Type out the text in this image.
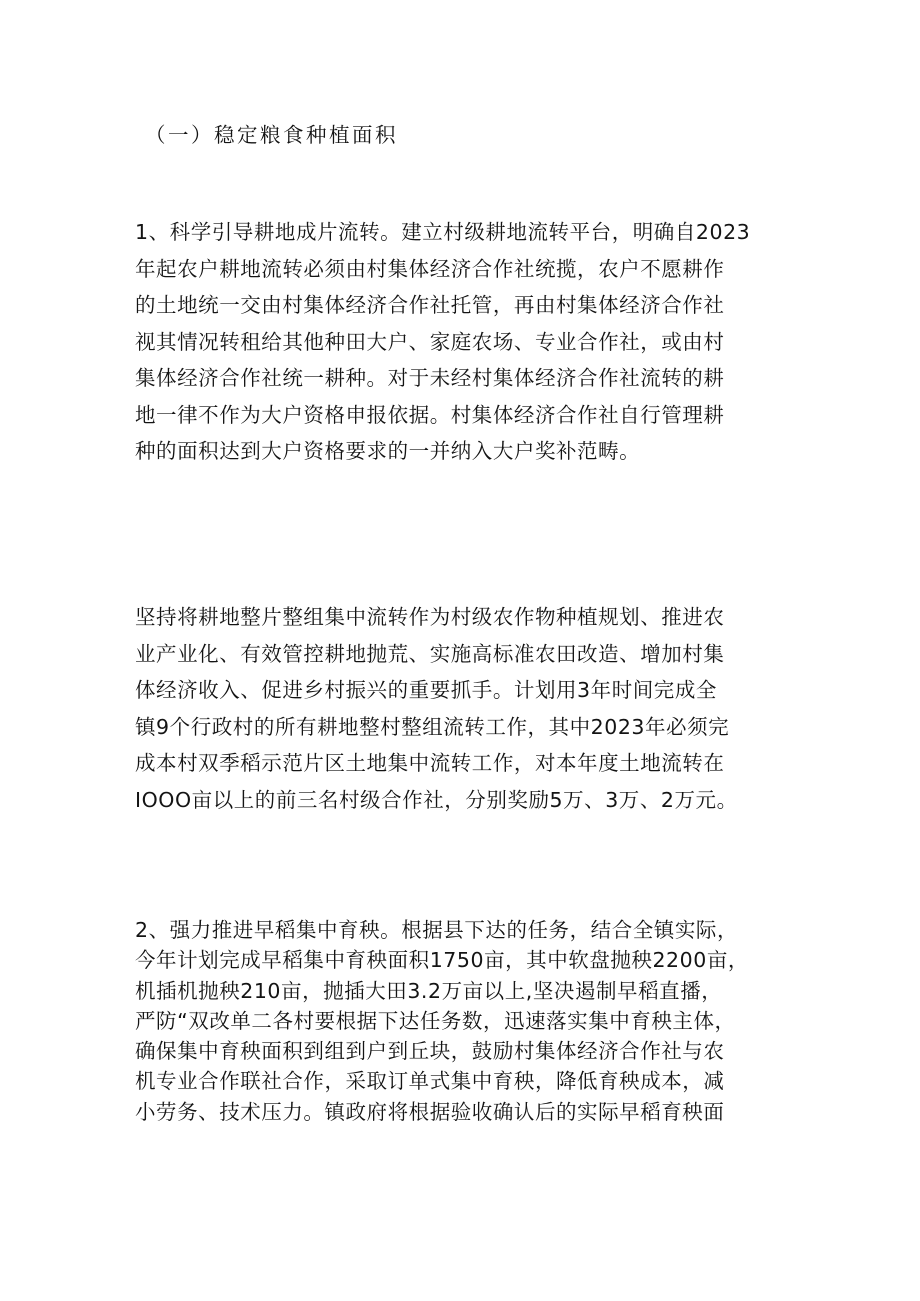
（一）稳定粮食种植面积
1、科学引导耕地成片流转。建立村级耕地流转平台，明确自2023
年起农户耕地流转必须由村集体经济合作社统揽，农户不愿耕作
的土地统一交由村集体经济合作社托管，再由村集体经济合作社
视其情况转租给其他种田大户、家庭农场、专业合作社，或由村
集体经济合作社统一耕种。对于未经村集体经济合作社流转的耕
地一律不作为大户资格申报依据。村集体经济合作社自行管理耕
种的面积达到大户资格要求的一并纳入大户奖补范畴。
坚持将耕地整片整组集中流转作为村级农作物种植规划、推进农
业产业化、有效管控耕地抛荒、实施高标准农田改造、增加村集
体经济收入、促进乡村振兴的重要抓手。计划用3年时间完成全
镇9个行政村的所有耕地整村整组流转工作，其中2023年必须完
成本村双季稻示范片区土地集中流转工作，对本年度土地流转在
IOOO亩以上的前三名村级合作社，分别奖励5万、3万、2万元。
2、强力推进早稻集中育秧。根据县下达的任务，结合全镇实际，
今年计划完成早稻集中育秧面积1750亩，其中软盘抛秧2200亩，
机插机抛秧210亩，抛插大田3.2万亩以上,坚决遏制早稻直播，
严防“双改单二各村要根据下达任务数，迅速落实集中育秧主体，
确保集中育秧面积到组到户到丘块，鼓励村集体经济合作社与农
机专业合作联社合作，采取订单式集中育秧，降低育秧成本，减
小劳务、技术压力。镇政府将根据验收确认后的实际早稻育秧面
